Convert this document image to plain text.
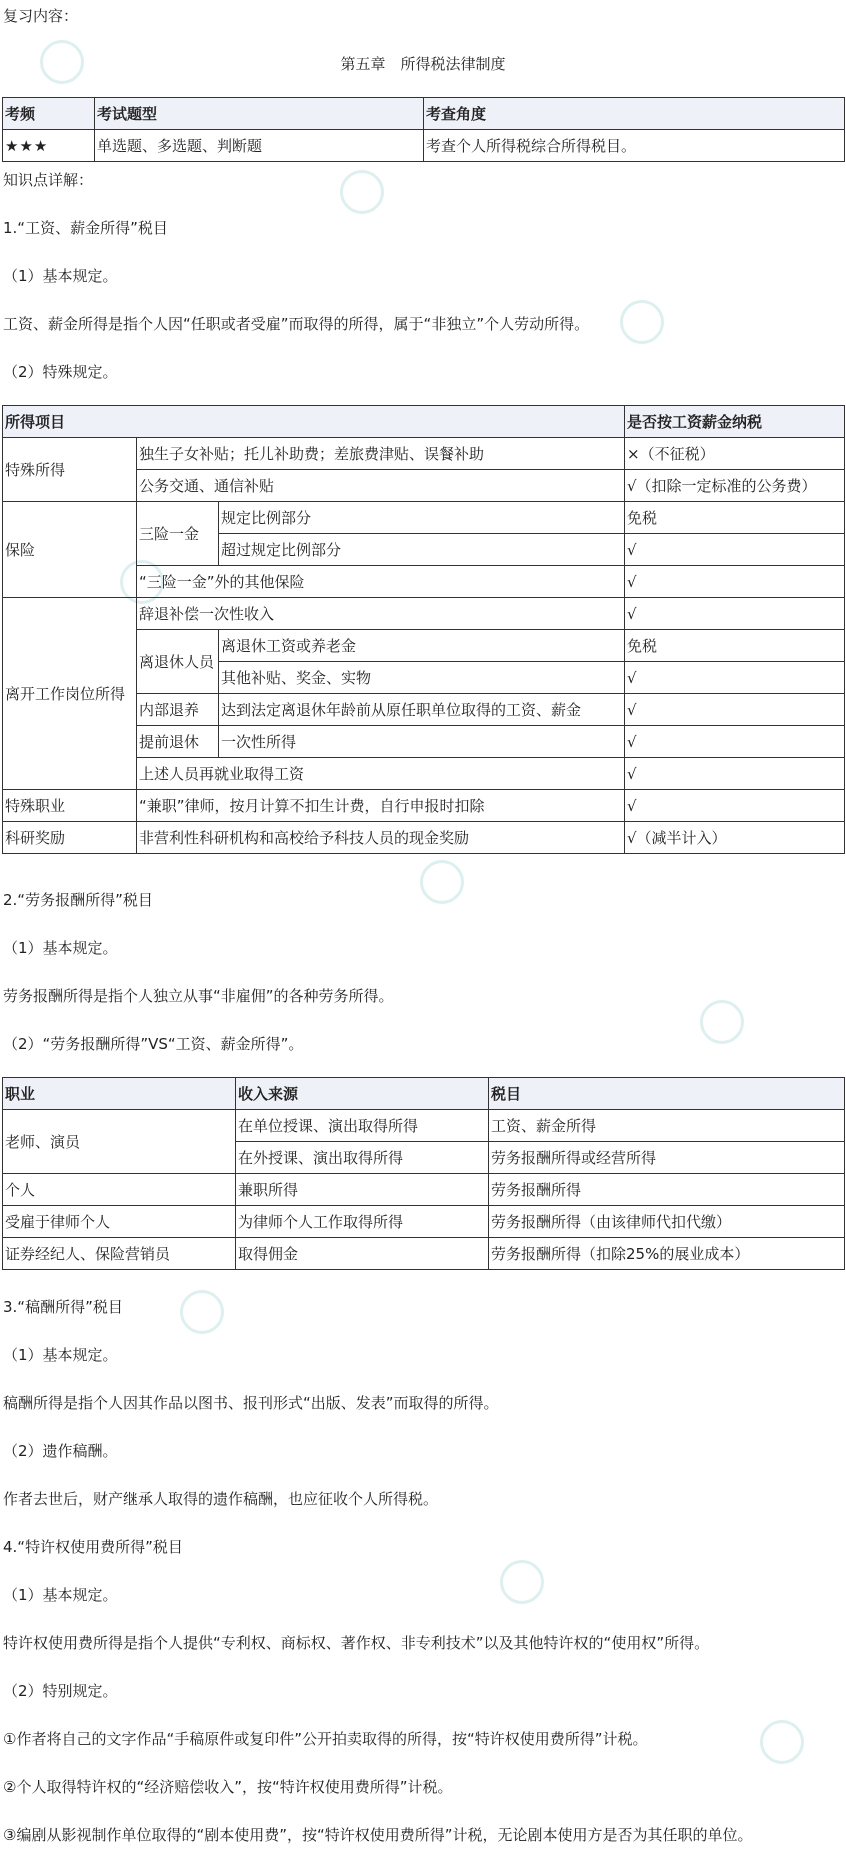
复习内容：
第五章　所得税法律制度
考频	考试题型	考查角度
★★★	单选题、多选题、判断题	考查个人所得税综合所得税目。
知识点详解：
1.“工资、薪金所得”税目
（1）基本规定。
工资、薪金所得是指个人因“任职或者受雇”而取得的所得，属于“非独立”个人劳动所得。
（2）特殊规定。
所得项目			是否按工资薪金纳税
特殊所得	独生子女补贴；托儿补助费；差旅费津贴、误餐补助		×（不征税）
	公务交通、通信补贴		√（扣除一定标准的公务费）
保险	三险一金	规定比例部分	免税
		超过规定比例部分	√
	“三险一金”外的其他保险		√
离开工作岗位所得	辞退补偿一次性收入		√
	离退休人员	离退休工资或养老金	免税
		其他补贴、奖金、实物	√
	内部退养	达到法定离退休年龄前从原任职单位取得的工资、薪金	√
	提前退休	一次性所得	√
	上述人员再就业取得工资		√
特殊职业	“兼职”律师，按月计算不扣生计费，自行申报时扣除		√
科研奖励	非营利性科研机构和高校给予科技人员的现金奖励		√（减半计入）
2.“劳务报酬所得”税目
（1）基本规定。
劳务报酬所得是指个人独立从事“非雇佣”的各种劳务所得。
（2）“劳务报酬所得”VS“工资、薪金所得”。
职业	收入来源	税目
老师、演员	在单位授课、演出取得所得	工资、薪金所得
	在外授课、演出取得所得	劳务报酬所得或经营所得
个人	兼职所得	劳务报酬所得
受雇于律师个人	为律师个人工作取得所得	劳务报酬所得（由该律师代扣代缴）
证券经纪人、保险营销员	取得佣金	劳务报酬所得（扣除25%的展业成本）
3.“稿酬所得”税目
（1）基本规定。
稿酬所得是指个人因其作品以图书、报刊形式“出版、发表”而取得的所得。
（2）遗作稿酬。
作者去世后，财产继承人取得的遗作稿酬，也应征收个人所得税。
4.“特许权使用费所得”税目
（1）基本规定。
特许权使用费所得是指个人提供“专利权、商标权、著作权、非专利技术”以及其他特许权的“使用权”所得。
（2）特别规定。
①作者将自己的文字作品“手稿原件或复印件”公开拍卖取得的所得，按“特许权使用费所得”计税。
②个人取得特许权的“经济赔偿收入”，按“特许权使用费所得”计税。
③编剧从影视制作单位取得的“剧本使用费”，按“特许权使用费所得”计税，无论剧本使用方是否为其任职的单位。
